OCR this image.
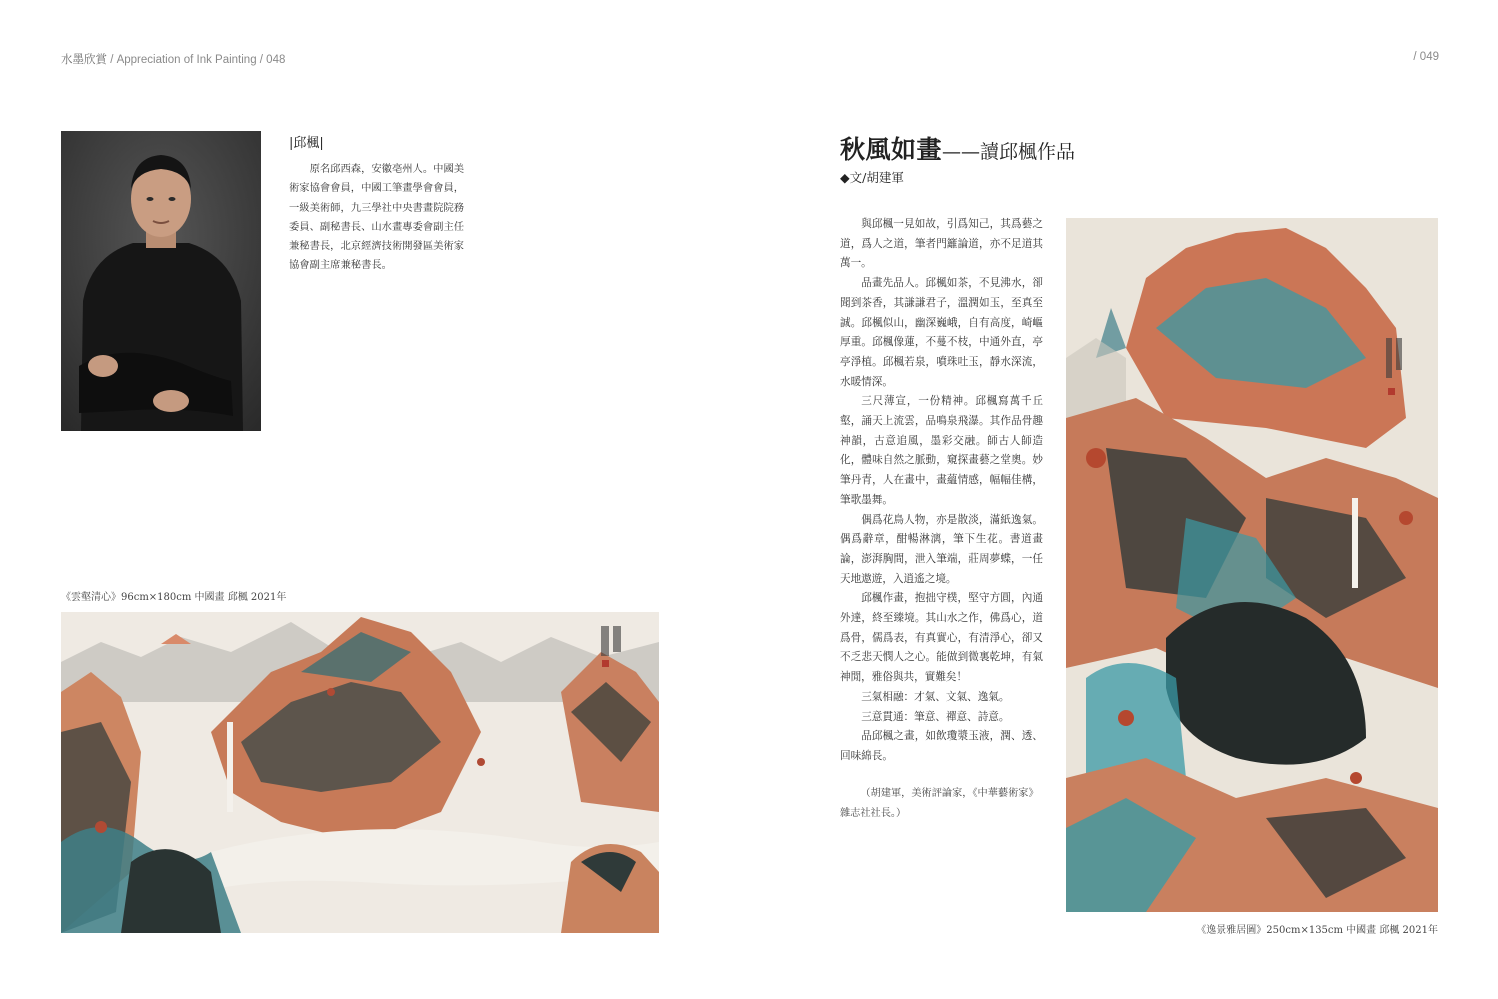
水墨欣賞 / Appreciation of Ink Painting / 048	/ 049
|邱楓|
原名邱西森，安徽亳州人。中國美術家協會會員，中國工筆畫學會會員，一級美術師，九三學社中央書畫院院務委員、副秘書長、山水畫專委會副主任兼秘書長，北京經濟技術開發區美術家協會副主席兼秘書長。
《雲壑清心》96cm×180cm 中國畫 邱楓 2021年
秋風如畫——讀邱楓作品
◆文/胡建軍

與邱楓一見如故，引爲知己，其爲藝之道，爲人之道，筆者門籬論道，亦不足道其萬一。

品畫先品人。邱楓如茶，不見沸水，卻聞到茶香，其謙謙君子，溫潤如玉，至真至誠。邱楓似山，幽深巍峨，自有高度，崎嶇厚重。邱楓像蓮，不蔓不枝，中通外直，亭亭淨植。邱楓若泉，噴珠吐玉，靜水深流，水暖情深。

三尺薄宣，一份精神。邱楓寫萬千丘壑，誦天上流雲，品鳴泉飛瀑。其作品骨趣神韻，古意追風，墨彩交融。師古人師造化，體味自然之脈動，窺探畫藝之堂奧。妙筆丹青，人在畫中，畫蘊情感，幅幅佳構，筆歌墨舞。

偶爲花鳥人物，亦是散淡，滿紙逸氣。偶爲辭章，酣暢淋漓，筆下生花。書道畫論，澎湃胸間，泄入筆端，莊周夢蝶，一任天地遨遊，入逍遙之境。

邱楓作畫，抱拙守樸，堅守方圓，內通外達，終至臻境。其山水之作，佛爲心，道爲骨，儒爲表，有真實心，有清淨心，卻又不乏悲天憫人之心。能做到微裏乾坤，有氣神閒，雅俗與共，實難矣！

三氣相融：才氣、文氣、逸氣。

三意貫通：筆意、禪意、詩意。

品邱楓之畫，如飲瓊漿玉液，潤、透、回味綿長。

（胡建軍，美術評論家，《中華藝術家》雜志社社長。）
《逸景雅居圖》250cm×135cm 中國畫 邱楓 2021年
